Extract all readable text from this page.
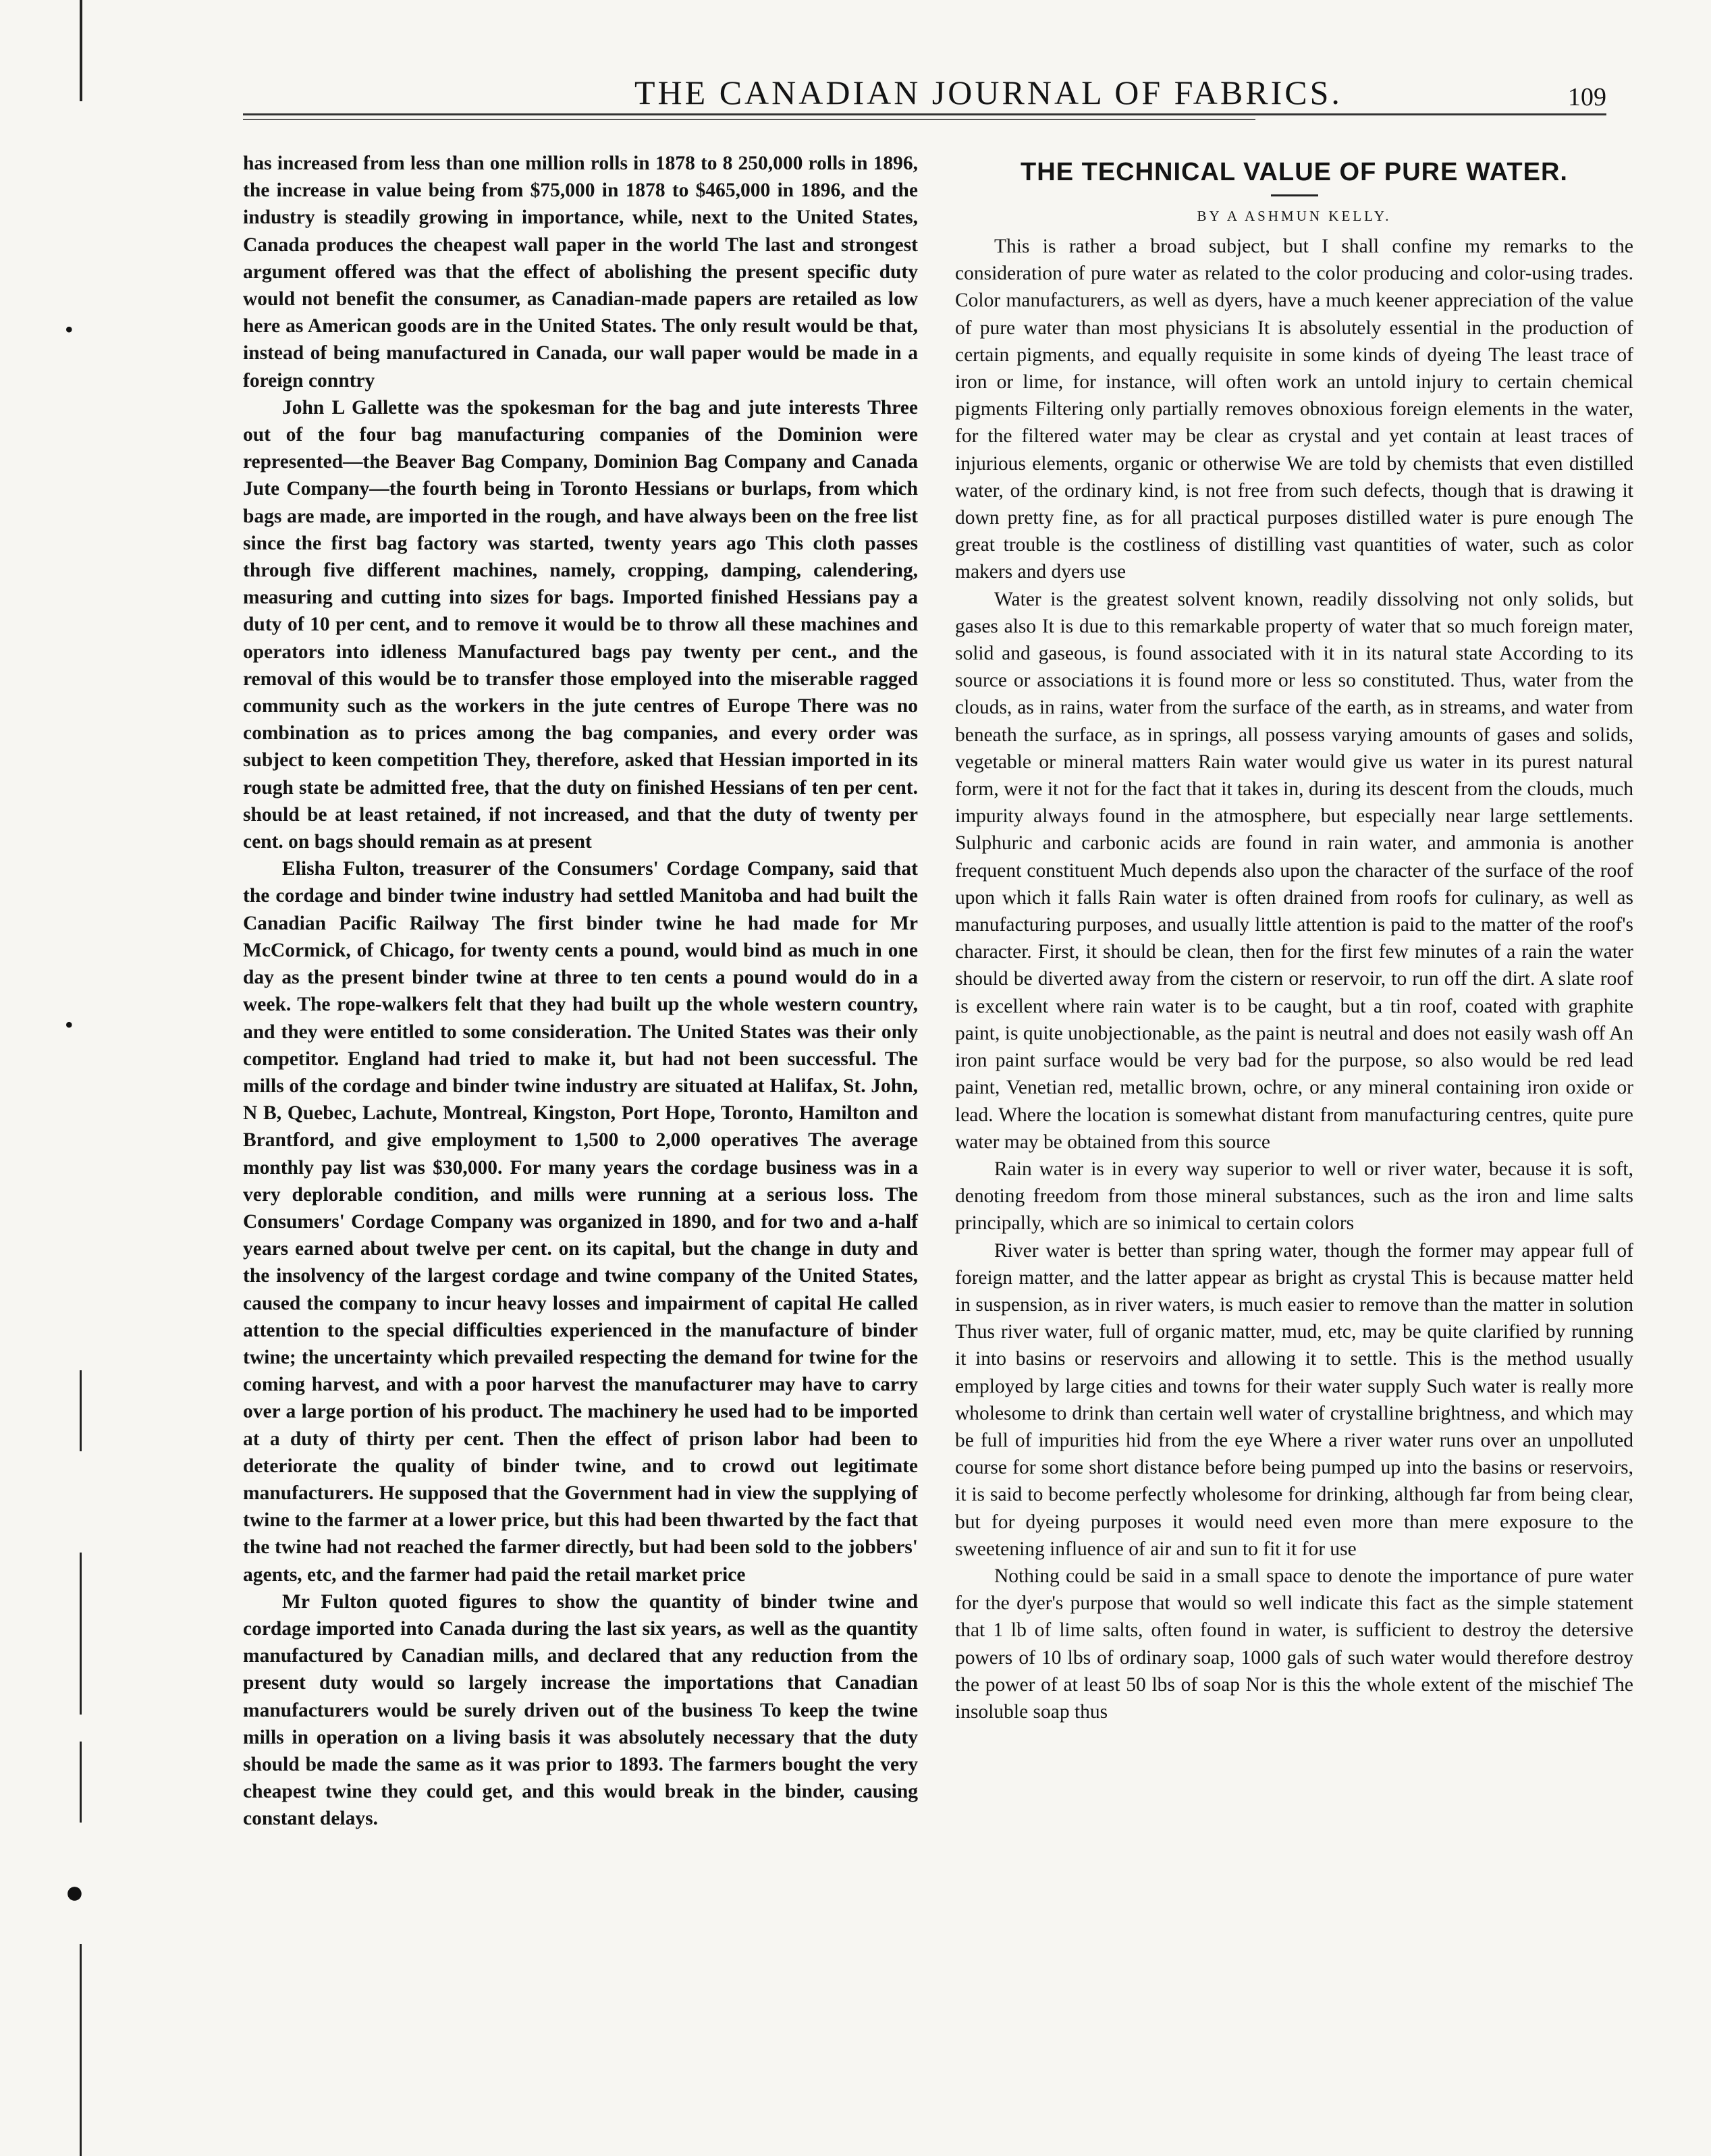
•
•
●
THE CANADIAN JOURNAL OF FABRICS.	109

has increased from less than one million rolls in 1878 to 8 250,000 rolls in 1896, the increase in value being from $75,000 in 1878 to $465,000 in 1896, and the industry is steadily growing in importance, while, next to the United States, Canada produces the cheapest wall paper in the world The last and strongest argument offered was that the effect of abolishing the present specific duty would not benefit the consumer, as Canadian-made papers are retailed as low here as American goods are in the United States. The only result would be that, instead of being manufactured in Canada, our wall paper would be made in a foreign conntry

John L Gallette was the spokesman for the bag and jute interests Three out of the four bag manufacturing companies of the Dominion were represented—the Beaver Bag Company, Dominion Bag Company and Canada Jute Company—the fourth being in Toronto Hessians or burlaps, from which bags are made, are imported in the rough, and have always been on the free list since the first bag factory was started, twenty years ago This cloth passes through five different machines, namely, cropping, damping, calendering, measuring and cutting into sizes for bags. Imported finished Hessians pay a duty of 10 per cent, and to remove it would be to throw all these machines and operators into idleness Manufactured bags pay twenty per cent., and the removal of this would be to transfer those employed into the miserable ragged community such as the workers in the jute centres of Europe There was no combination as to prices among the bag companies, and every order was subject to keen competition They, therefore, asked that Hessian imported in its rough state be admitted free, that the duty on finished Hessians of ten per cent. should be at least retained, if not increased, and that the duty of twenty per cent. on bags should remain as at present

Elisha Fulton, treasurer of the Consumers' Cordage Company, said that the cordage and binder twine industry had settled Manitoba and had built the Canadian Pacific Railway The first binder twine he had made for Mr McCormick, of Chicago, for twenty cents a pound, would bind as much in one day as the present binder twine at three to ten cents a pound would do in a week. The rope-walkers felt that they had built up the whole western country, and they were entitled to some consideration. The United States was their only competitor. England had tried to make it, but had not been successful. The mills of the cordage and binder twine industry are situated at Halifax, St. John, N B, Quebec, Lachute, Montreal, Kingston, Port Hope, Toronto, Hamilton and Brantford, and give employment to 1,500 to 2,000 operatives The average monthly pay list was $30,000. For many years the cordage business was in a very deplorable condition, and mills were running at a serious loss. The Consumers' Cordage Company was organized in 1890, and for two and a-half years earned about twelve per cent. on its capital, but the change in duty and the insolvency of the largest cordage and twine company of the United States, caused the company to incur heavy losses and impairment of capital He called attention to the special difficulties experienced in the manufacture of binder twine; the uncertainty which prevailed respecting the demand for twine for the coming harvest, and with a poor harvest the manufacturer may have to carry over a large portion of his product. The machinery he used had to be imported at a duty of thirty per cent. Then the effect of prison labor had been to deteriorate the quality of binder twine, and to crowd out legitimate manufacturers. He supposed that the Government had in view the supplying of twine to the farmer at a lower price, but this had been thwarted by the fact that the twine had not reached the farmer directly, but had been sold to the jobbers' agents, etc, and the farmer had paid the retail market price

Mr Fulton quoted figures to show the quantity of binder twine and cordage imported into Canada during the last six years, as well as the quantity manufactured by Canadian mills, and declared that any reduction from the present duty would so largely increase the importations that Canadian manufacturers would be surely driven out of the business To keep the twine mills in operation on a living basis it was absolutely necessary that the duty should be made the same as it was prior to 1893. The farmers bought the very cheapest twine they could get, and this would break in the binder, causing constant delays.

THE TECHNICAL VALUE OF PURE WATER.
BY A ASHMUN KELLY.

This is rather a broad subject, but I shall confine my remarks to the consideration of pure water as related to the color producing and color-using trades. Color manufacturers, as well as dyers, have a much keener appreciation of the value of pure water than most physicians It is absolutely essential in the production of certain pigments, and equally requisite in some kinds of dyeing The least trace of iron or lime, for instance, will often work an untold injury to certain chemical pigments Filtering only partially removes obnoxious foreign elements in the water, for the filtered water may be clear as crystal and yet contain at least traces of injurious elements, organic or otherwise We are told by chemists that even distilled water, of the ordinary kind, is not free from such defects, though that is drawing it down pretty fine, as for all practical purposes distilled water is pure enough The great trouble is the costliness of distilling vast quantities of water, such as color makers and dyers use

Water is the greatest solvent known, readily dissolving not only solids, but gases also It is due to this remarkable property of water that so much foreign mater, solid and gaseous, is found associated with it in its natural state According to its source or associations it is found more or less so constituted. Thus, water from the clouds, as in rains, water from the surface of the earth, as in streams, and water from beneath the surface, as in springs, all possess varying amounts of gases and solids, vegetable or mineral matters Rain water would give us water in its purest natural form, were it not for the fact that it takes in, during its descent from the clouds, much impurity always found in the atmosphere, but especially near large settlements. Sulphuric and carbonic acids are found in rain water, and ammonia is another frequent constituent Much depends also upon the character of the surface of the roof upon which it falls Rain water is often drained from roofs for culinary, as well as manufacturing purposes, and usually little attention is paid to the matter of the roof's character. First, it should be clean, then for the first few minutes of a rain the water should be diverted away from the cistern or reservoir, to run off the dirt. A slate roof is excellent where rain water is to be caught, but a tin roof, coated with graphite paint, is quite unobjectionable, as the paint is neutral and does not easily wash off An iron paint surface would be very bad for the purpose, so also would be red lead paint, Venetian red, metallic brown, ochre, or any mineral containing iron oxide or lead. Where the location is somewhat distant from manufacturing centres, quite pure water may be obtained from this source

Rain water is in every way superior to well or river water, because it is soft, denoting freedom from those mineral substances, such as the iron and lime salts principally, which are so inimical to certain colors

River water is better than spring water, though the former may appear full of foreign matter, and the latter appear as bright as crystal This is because matter held in suspension, as in river waters, is much easier to remove than the matter in solution Thus river water, full of organic matter, mud, etc, may be quite clarified by running it into basins or reservoirs and allowing it to settle. This is the method usually employed by large cities and towns for their water supply Such water is really more wholesome to drink than certain well water of crystalline brightness, and which may be full of impurities hid from the eye Where a river water runs over an unpolluted course for some short distance before being pumped up into the basins or reservoirs, it is said to become perfectly wholesome for drinking, although far from being clear, but for dyeing purposes it would need even more than mere exposure to the sweetening influence of air and sun to fit it for use

Nothing could be said in a small space to denote the importance of pure water for the dyer's purpose that would so well indicate this fact as the simple statement that 1 lb of lime salts, often found in water, is sufficient to destroy the detersive powers of 10 lbs of ordinary soap, 1000 gals of such water would therefore destroy the power of at least 50 lbs of soap Nor is this the whole extent of the mischief The insoluble soap thus
